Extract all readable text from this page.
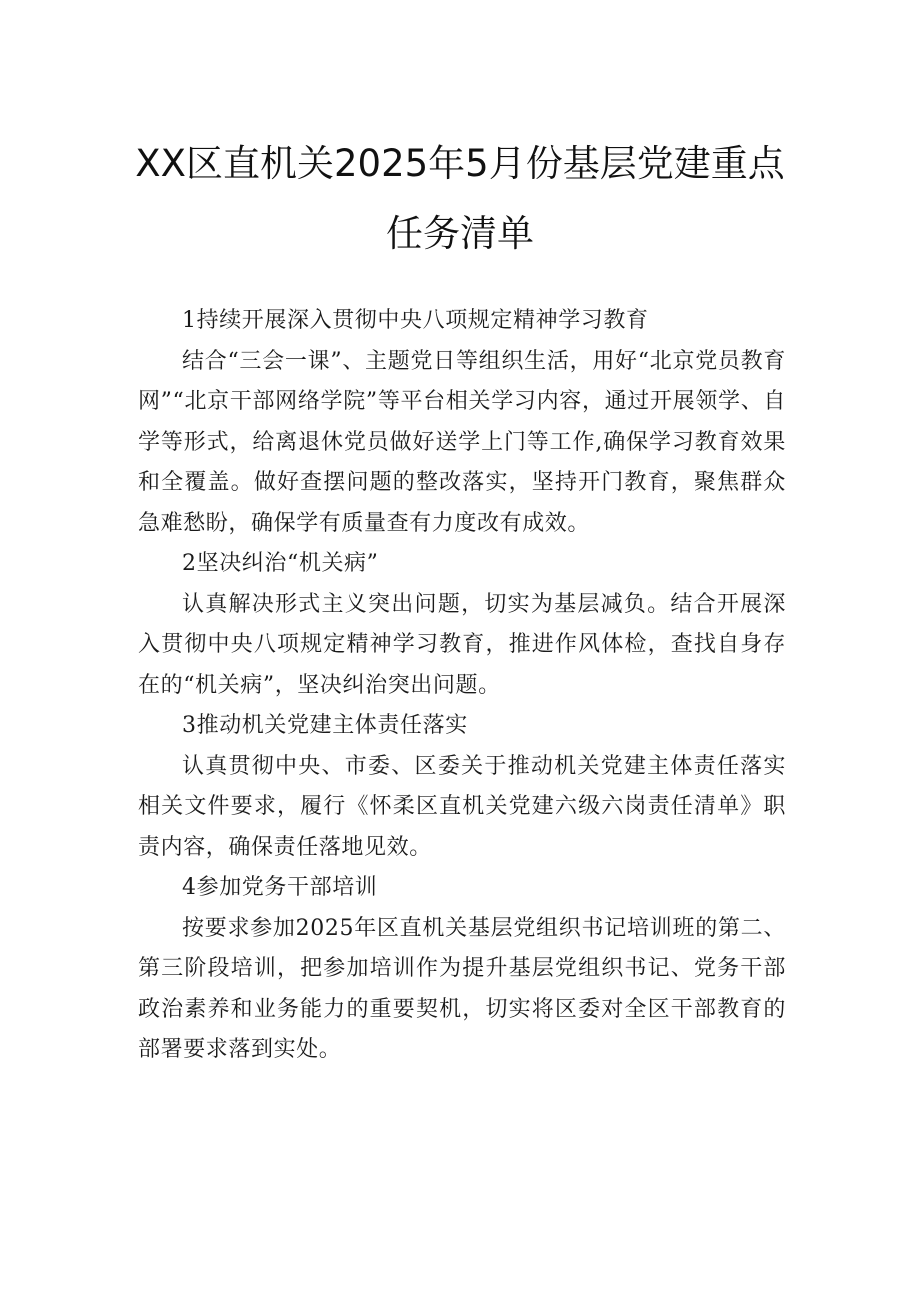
XX区直机关2025年5月份基层党建重点
任务清单

1持续开展深入贯彻中央八项规定精神学习教育

结合“三会一课”、主题党日等组织生活，用好“北京党员教育网”“北京干部网络学院”等平台相关学习内容，通过开展领学、自学等形式，给离退休党员做好送学上门等工作,确保学习教育效果和全覆盖。做好查摆问题的整改落实，坚持开门教育，聚焦群众急难愁盼，确保学有质量查有力度改有成效。

2坚决纠治“机关病”

认真解决形式主义突出问题，切实为基层减负。结合开展深入贯彻中央八项规定精神学习教育，推进作风体检，查找自身存在的“机关病”，坚决纠治突出问题。

3推动机关党建主体责任落实

认真贯彻中央、市委、区委关于推动机关党建主体责任落实相关文件要求，履行《怀柔区直机关党建六级六岗责任清单》职责内容，确保责任落地见效。

4参加党务干部培训

按要求参加2025年区直机关基层党组织书记培训班的第二、第三阶段培训，把参加培训作为提升基层党组织书记、党务干部政治素养和业务能力的重要契机，切实将区委对全区干部教育的部署要求落到实处。
